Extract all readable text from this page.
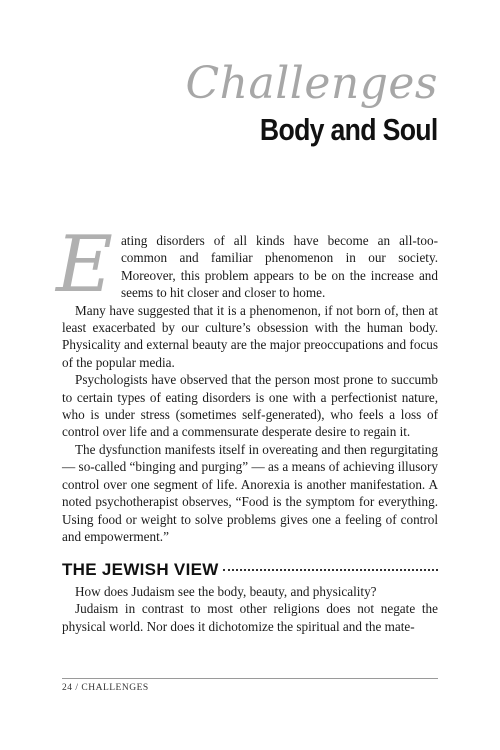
Challenges
Body and Soul

Eating disorders of all kinds have become an all-too-common and familiar phenomenon in our society. Moreover, this problem appears to be on the increase and seems to hit closer and closer to home.

Many have suggested that it is a phenomenon, if not born of, then at least exacerbated by our culture’s obsession with the human body. Physicality and external beauty are the major preoccupations and focus of the popular media.

Psychologists have observed that the person most prone to succumb to certain types of eating disorders is one with a perfectionist nature, who is under stress (sometimes self-generated), who feels a loss of control over life and a commensurate desperate desire to regain it.

The dysfunction manifests itself in overeating and then regurgitating — so-called “binging and purging” — as a means of achieving illusory control over one segment of life. Anorexia is another manifestation. A noted psychotherapist observes, “Food is the symptom for everything. Using food or weight to solve problems gives one a feeling of control and empowerment.”

THE JEWISH VIEW

How does Judaism see the body, beauty, and physicality?

Judaism in contrast to most other religions does not negate the physical world. Nor does it dichotomize the spiritual and the mate-

24 / CHALLENGES
